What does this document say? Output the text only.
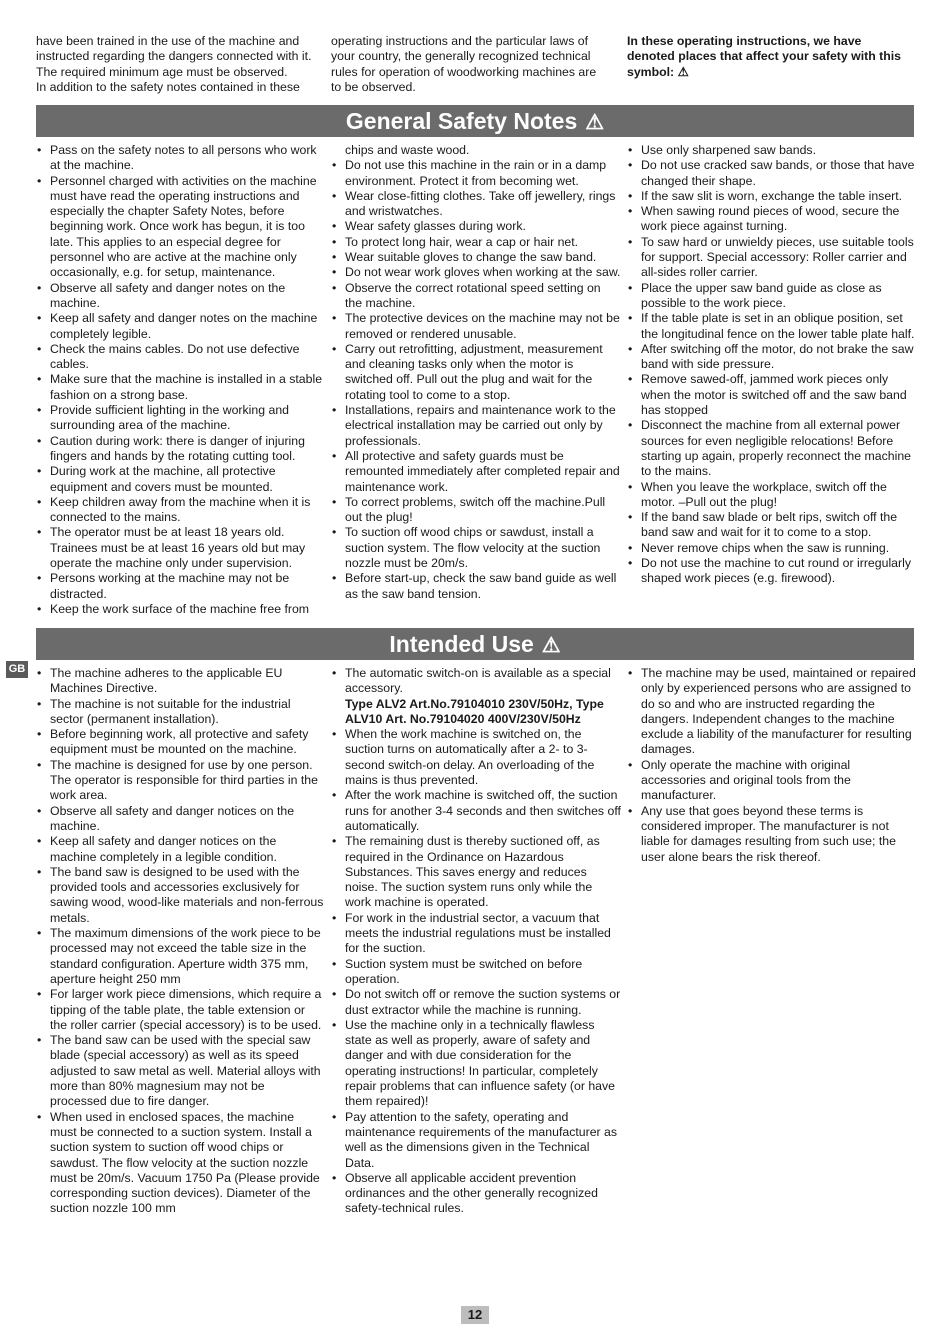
have been trained in the use of the machine and

instructed regarding the dangers connected with it.

The required minimum age must be observed.

In addition to the safety notes contained in these

operating instructions and the particular laws of

your country, the generally recognized technical

rules for operation of woodworking machines are

to be observed.

In these operating instructions, we have

denoted places that affect your safety with this

symbol: ⚠

General Safety Notes ⚠
• Pass on the safety notes to all persons who work at the machine.
• Personnel charged with activities on the machine must have read the operating instructions and especially the chapter Safety Notes, before beginning work. Once work has begun, it is too late. This applies to an especial degree for personnel who are active at the machine only occasionally, e.g. for setup, maintenance.
• Observe all safety and danger notes on the machine.
• Keep all safety and danger notes on the machine completely legible.
• Check the mains cables. Do not use defective cables.
• Make sure that the machine is installed in a stable fashion on a strong base.
• Provide sufficient lighting in the working and surrounding area of the machine.
• Caution during work: there is danger of injuring fingers and hands by the rotating cutting tool.
• During work at the machine, all protective equipment and covers must be mounted.
• Keep children away from the machine when it is connected to the mains.
• The operator must be at least 18 years old. Trainees must be at least 16 years old but may operate the machine only under supervision.
• Persons working at the machine may not be distracted.
• Keep the work surface of the machine free from
chips and waste wood.
• Do not use this machine in the rain or in a damp environment. Protect it from becoming wet.
• Wear close-fitting clothes. Take off jewellery, rings and wristwatches.
• Wear safety glasses during work.
• To protect long hair, wear a cap or hair net.
• Wear suitable gloves to change the saw band.
• Do not wear work gloves when working at the saw.
• Observe the correct rotational speed setting on the machine.
• The protective devices on the machine may not be removed or rendered unusable.
• Carry out retrofitting, adjustment, measurement and cleaning tasks only when the motor is switched off. Pull out the plug and wait for the rotating tool to come to a stop.
• Installations, repairs and maintenance work to the electrical installation may be carried out only by professionals.
• All protective and safety guards must be remounted immediately after completed repair and maintenance work.
• To correct problems, switch off the machine.Pull out the plug!
• To suction off wood chips or sawdust, install a suction system. The flow velocity at the suction nozzle must be 20m/s.
• Before start-up, check the saw band guide as well as the saw band tension.
• Use only sharpened saw bands.
• Do not use cracked saw bands, or those that have changed their shape.
• If the saw slit is worn, exchange the table insert.
• When sawing round pieces of wood, secure the work piece against turning.
• To saw hard or unwieldy pieces, use suitable tools for support. Special accessory: Roller carrier and all-sides roller carrier.
• Place the upper saw band guide as close as possible to the work piece.
• If the table plate is set in an oblique position, set the longitudinal fence on the lower table plate half.
• After switching off the motor, do not brake the saw band with side pressure.
• Remove sawed-off, jammed work pieces only when the motor is switched off and the saw band has stopped
• Disconnect the machine from all external power sources for even negligible relocations! Before starting up again, properly reconnect the machine to the mains.
• When you leave the workplace, switch off the motor. –Pull out the plug!
• If the band saw blade or belt rips, switch off the band saw and wait for it to come to a stop.
• Never remove chips when the saw is running.
• Do not use the machine to cut round or irregularly shaped work pieces (e.g. firewood).
Intended Use ⚠
GB
•	The machine adheres to the applicable EU Machines Directive.
• The machine is not suitable for the industrial sector (permanent installation).
• Before beginning work, all protective and safety equipment must be mounted on the machine.
• The machine is designed for use by one person. The operator is responsible for third parties in the work area.
• Observe all safety and danger notices on the machine.
• Keep all safety and danger notices on the machine completely in a legible condition.
• The band saw is designed to be used with the provided tools and accessories exclusively for sawing wood, wood-like materials and non-ferrous metals.
• The maximum dimensions of the work piece to be processed may not exceed the table size in the standard configuration. Aperture width 375 mm, aperture height 250 mm
• For larger work piece dimensions, which require a tipping of the table plate, the table extension or the roller carrier (special accessory) is to be used.
• The band saw can be used with the special saw blade (special accessory) as well as its speed adjusted to saw metal as well. Material alloys with more than 80% magnesium may not be processed due to fire danger.
• When used in enclosed spaces, the machine must be connected to a suction system. Install a suction system to suction off wood chips or sawdust. The flow velocity at the suction nozzle must be 20m/s. Vacuum 1750 Pa (Please provide corresponding suction devices). Diameter of the suction nozzle 100 mm
• The automatic switch-on is available as a special accessory.
Type ALV2 Art.No.79104010 230V/50Hz, Type ALV10 Art. No.79104020 400V/230V/50Hz
• When the work machine is switched on, the suction turns on automatically after a 2- to 3-second switch-on delay. An overloading of the mains is thus prevented.
• After the work machine is switched off, the suction runs for another 3-4 seconds and then switches off automatically.
• The remaining dust is thereby suctioned off, as required in the Ordinance on Hazardous Substances. This saves energy and reduces noise. The suction system runs only while the work machine is operated.
• For work in the industrial sector, a vacuum that meets the industrial regulations must be installed for the suction.
• Suction system must be switched on before operation.
• Do not switch off or remove the suction systems or dust extractor while the machine is running.
• Use the machine only in a technically flawless state as well as properly, aware of safety and danger and with due consideration for the operating instructions! In particular, completely repair problems that can influence safety (or have them repaired)!
• Pay attention to the safety, operating and maintenance requirements of the manufacturer as well as the dimensions given in the Technical Data.
• Observe all applicable accident prevention ordinances and the other generally recognized safety-technical rules.
• The machine may be used, maintained or repaired only by experienced persons who are assigned to do so and who are instructed regarding the dangers. Independent changes to the machine exclude a liability of the manufacturer for resulting damages.
• Only operate the machine with original accessories and original tools from the manufacturer.
• Any use that goes beyond these terms is considered improper. The manufacturer is not liable for damages resulting from such use; the user alone bears the risk thereof.
12
